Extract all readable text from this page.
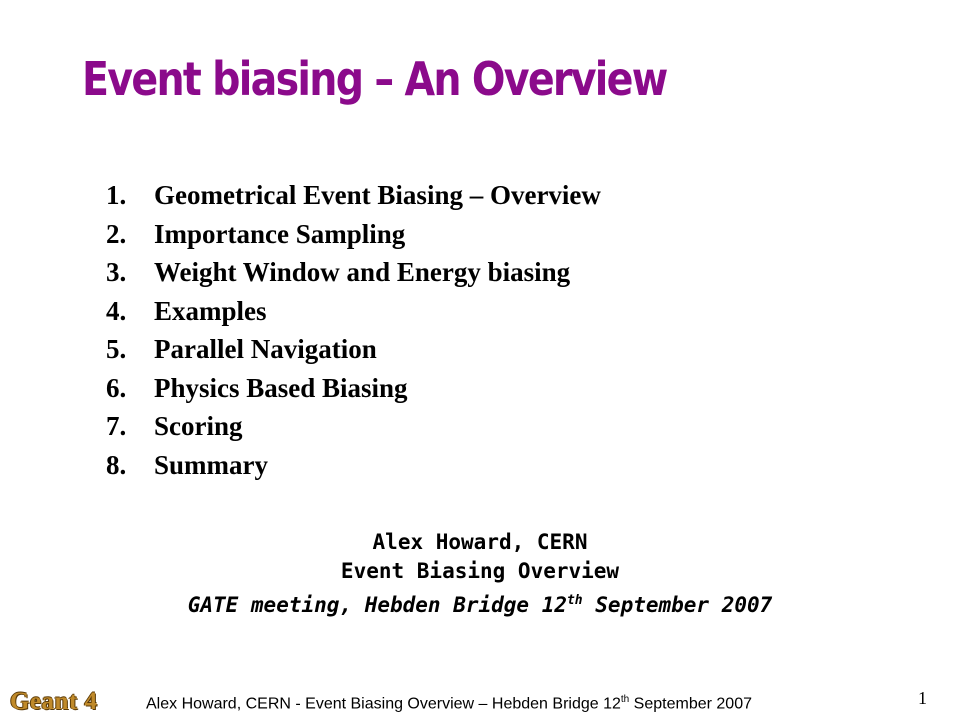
Event biasing – An Overview
1. Geometrical Event Biasing – Overview
2. Importance Sampling
3. Weight Window and Energy biasing
4. Examples
5. Parallel Navigation
6. Physics Based Biasing
7. Scoring
8. Summary
Alex Howard, CERN
Event Biasing Overview
GATE meeting, Hebden Bridge 12th September 2007
Geant 4	Alex Howard, CERN - Event Biasing Overview – Hebden Bridge 12th September 2007	1
